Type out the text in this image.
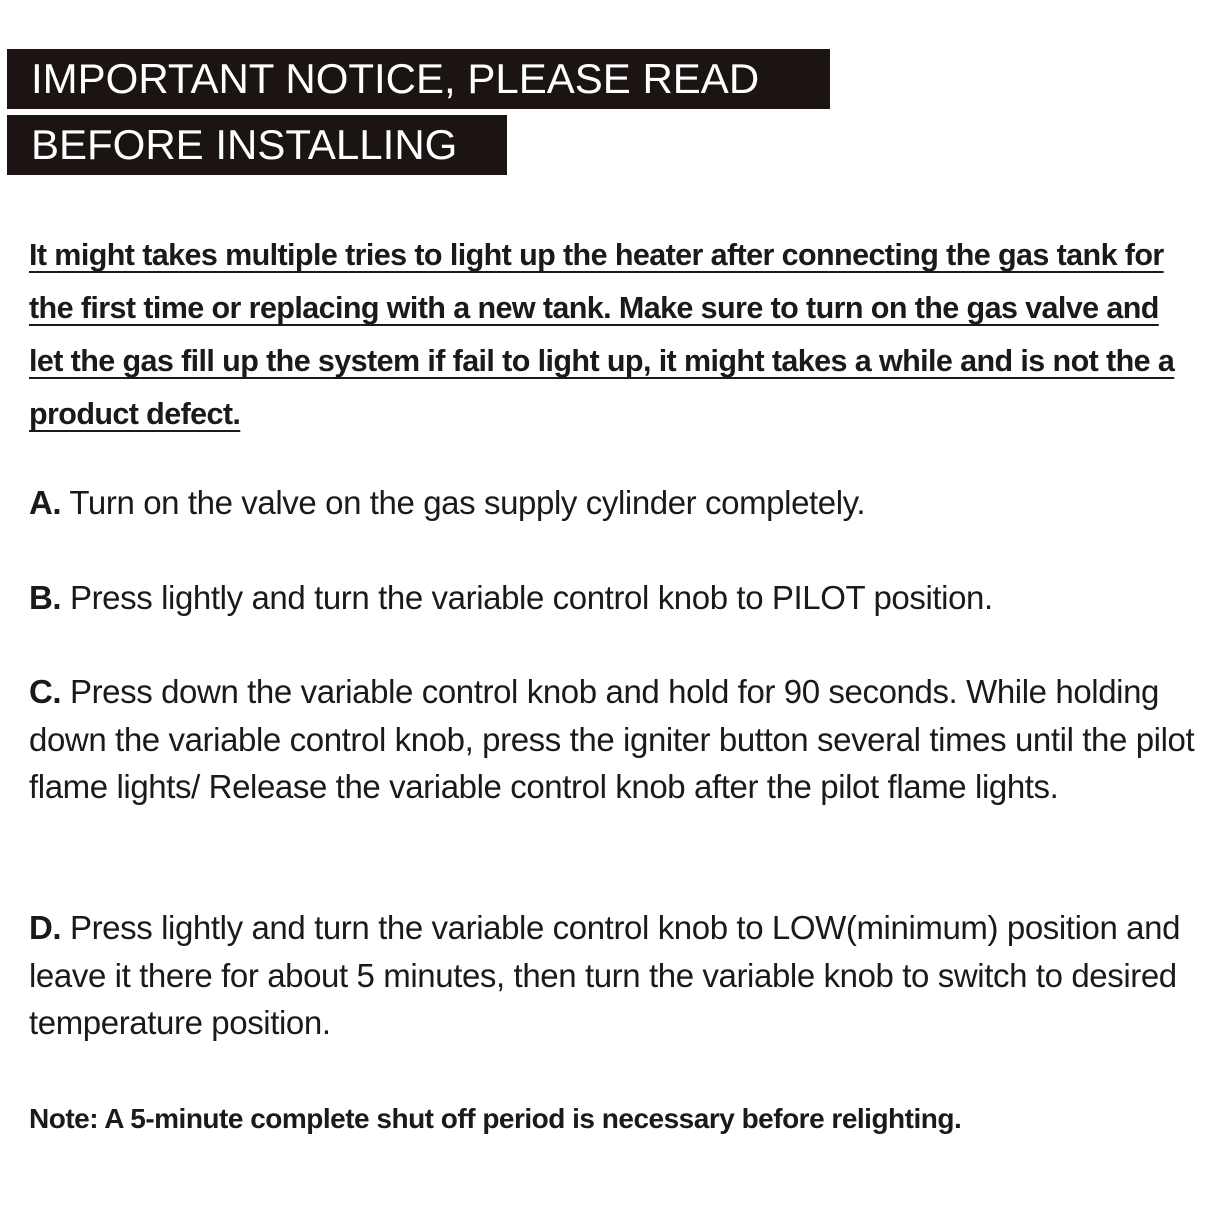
IMPORTANT NOTICE, PLEASE READ
BEFORE INSTALLING

It might takes multiple tries to light up the heater after connecting the gas tank for the first time or replacing with a new tank. Make sure to turn on the gas valve and let the gas fill up the system if fail to light up, it might takes a while and is not the a product defect.

A. Turn on the valve on the gas supply cylinder completely.

B. Press lightly and turn the variable control knob to PILOT position.

C. Press down the variable control knob and hold for 90 seconds. While holding down the variable control knob, press the igniter button several times until the pilot flame lights/ Release the variable control knob after the pilot flame lights.

D. Press lightly and turn the variable control knob to LOW(minimum) position and leave it there for about 5 minutes, then turn the variable knob to switch to desired temperature position.

Note: A 5-minute complete shut off period is necessary before relighting.
